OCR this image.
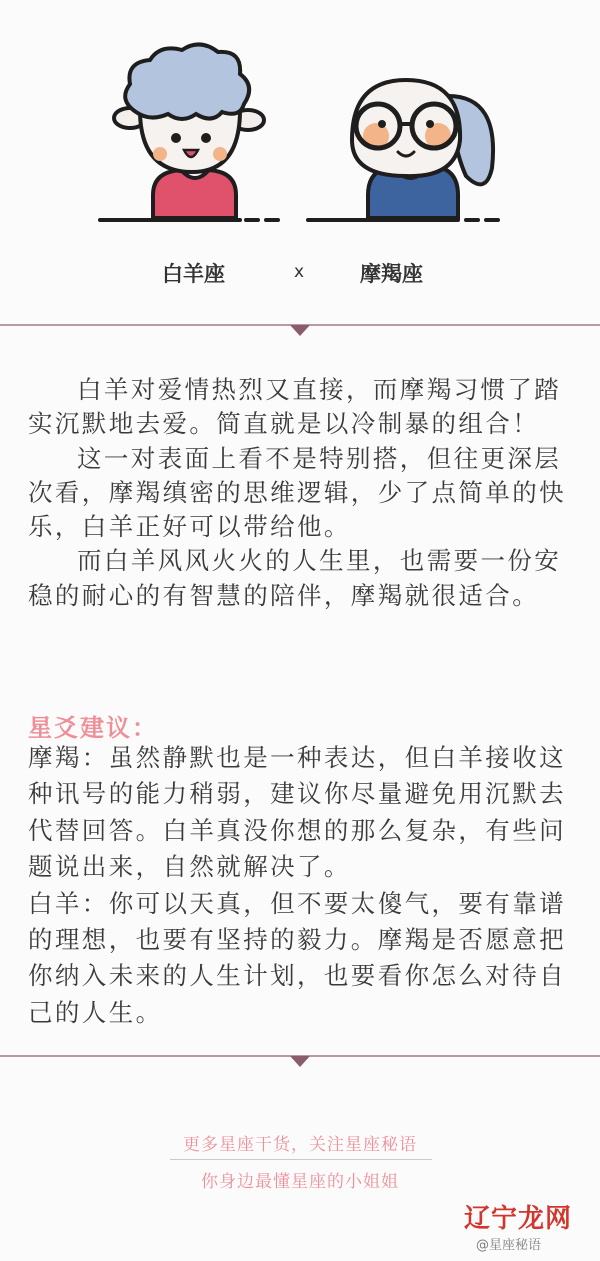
白羊座	x	摩羯座

白羊对爱情热烈又直接，而摩羯习惯了踏实沉默地去爱。简直就是以冷制暴的组合！

这一对表面上看不是特别搭，但往更深层次看，摩羯缜密的思维逻辑，少了点简单的快乐，白羊正好可以带给他。

而白羊风风火火的人生里，也需要一份安稳的耐心的有智慧的陪伴，摩羯就很适合。

星爻建议：

摩羯：虽然静默也是一种表达，但白羊接收这种讯号的能力稍弱，建议你尽量避免用沉默去代替回答。白羊真没你想的那么复杂，有些问题说出来，自然就解决了。

白羊：你可以天真，但不要太傻气，要有靠谱的理想，也要有坚持的毅力。摩羯是否愿意把你纳入未来的人生计划，也要看你怎么对待自己的人生。

更多星座干货，关注星座秘语
你身边最懂星座的小姐姐
辽宁龙网
@星座秘语
